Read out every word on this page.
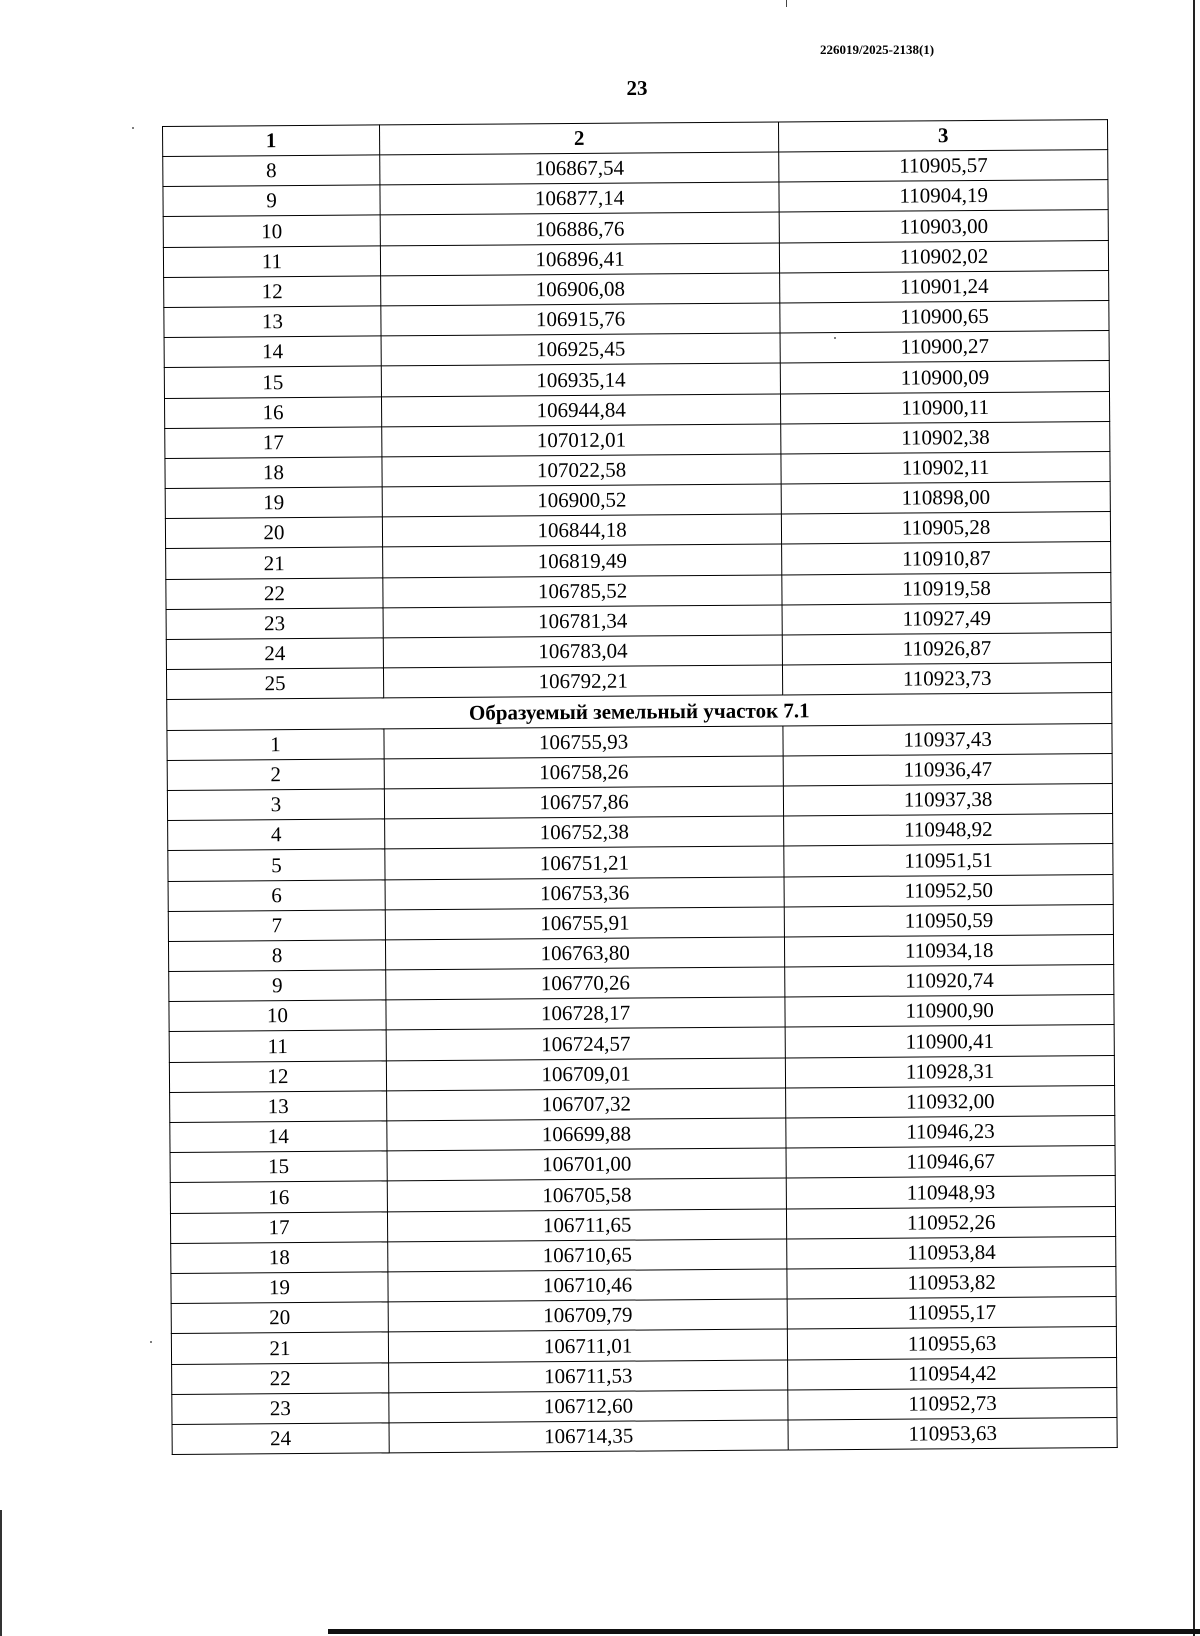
226019/2025-2138(1)
23
1	2	3
8	106867,54	110905,57
9	106877,14	110904,19
10	106886,76	110903,00
11	106896,41	110902,02
12	106906,08	110901,24
13	106915,76	110900,65
14	106925,45	110900,27
15	106935,14	110900,09
16	106944,84	110900,11
17	107012,01	110902,38
18	107022,58	110902,11
19	106900,52	110898,00
20	106844,18	110905,28
21	106819,49	110910,87
22	106785,52	110919,58
23	106781,34	110927,49
24	106783,04	110926,87
25	106792,21	110923,73
Образуемый земельный участок 7.1		
1	106755,93	110937,43
2	106758,26	110936,47
3	106757,86	110937,38
4	106752,38	110948,92
5	106751,21	110951,51
6	106753,36	110952,50
7	106755,91	110950,59
8	106763,80	110934,18
9	106770,26	110920,74
10	106728,17	110900,90
11	106724,57	110900,41
12	106709,01	110928,31
13	106707,32	110932,00
14	106699,88	110946,23
15	106701,00	110946,67
16	106705,58	110948,93
17	106711,65	110952,26
18	106710,65	110953,84
19	106710,46	110953,82
20	106709,79	110955,17
21	106711,01	110955,63
22	106711,53	110954,42
23	106712,60	110952,73
24	106714,35	110953,63
